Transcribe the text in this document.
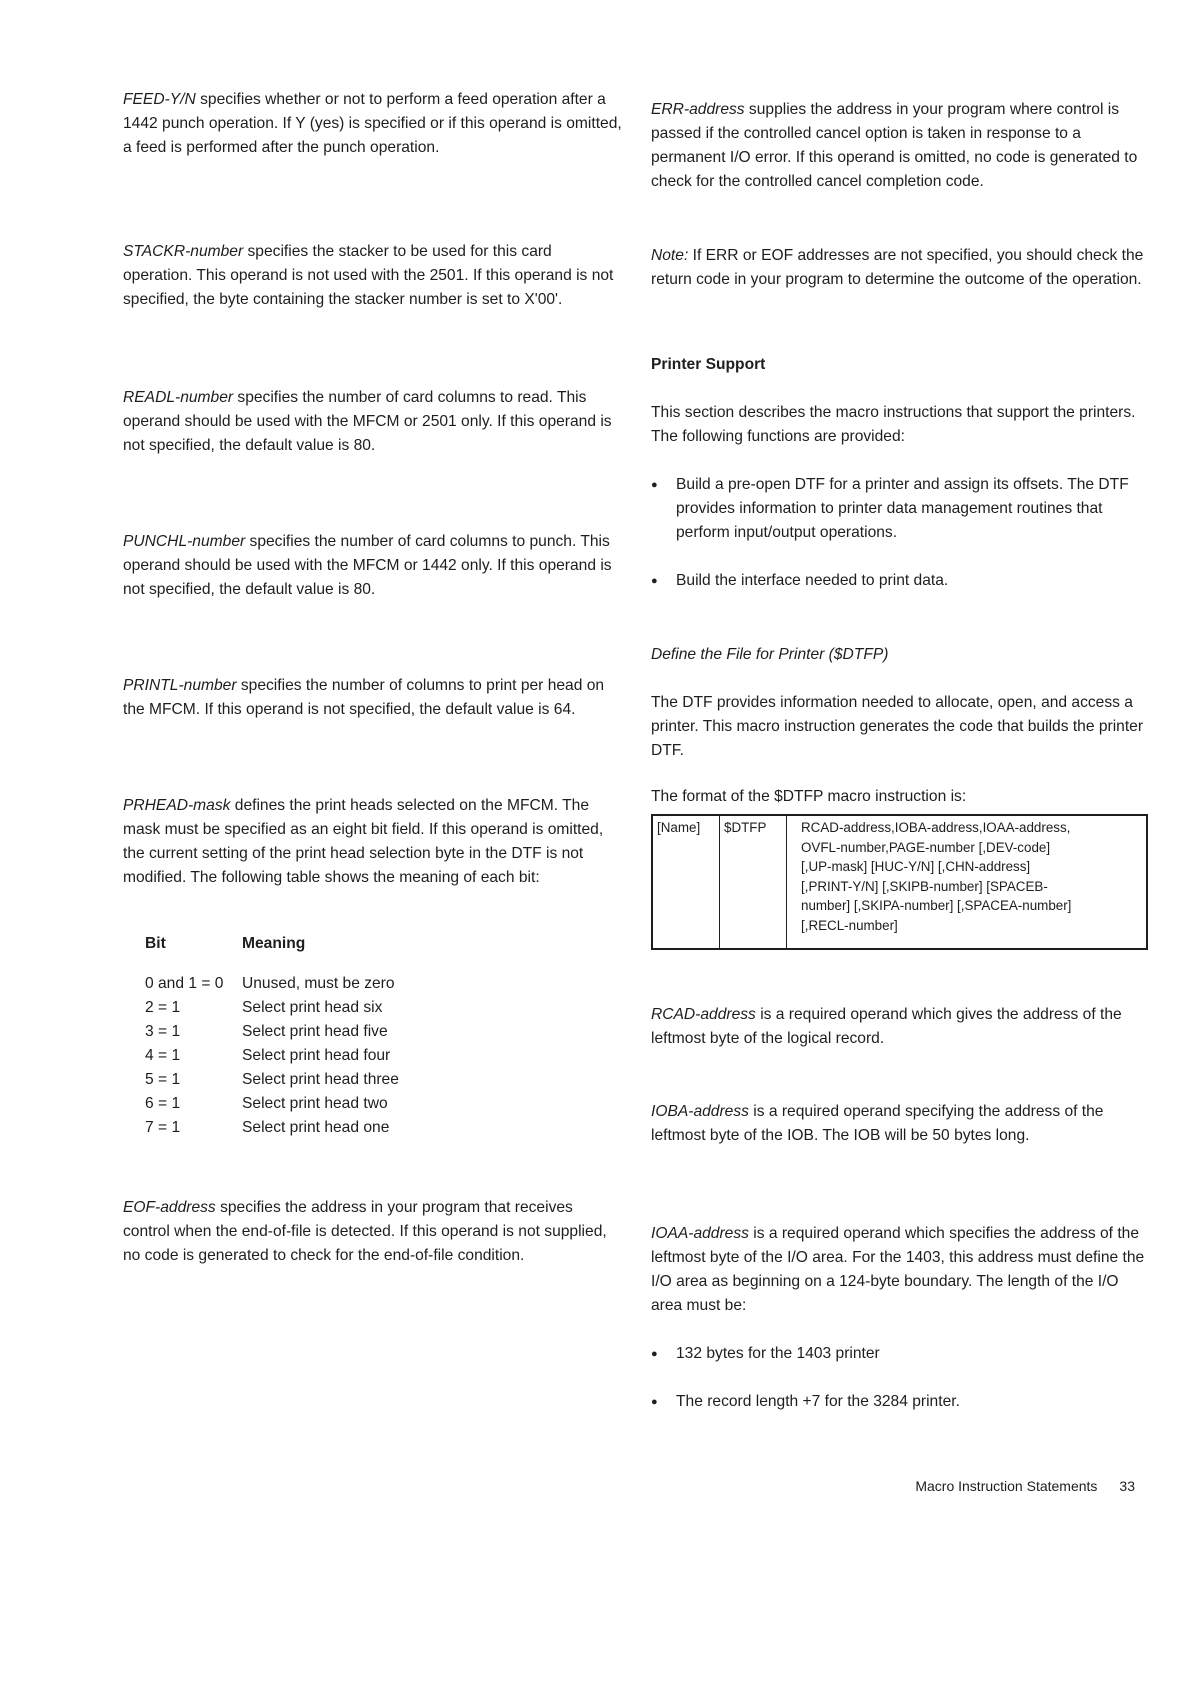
FEED-Y/N specifies whether or not to perform a feed operation after a 1442 punch operation. If Y (yes) is specified or if this operand is omitted, a feed is performed after the punch operation.

STACKR-number specifies the stacker to be used for this card operation. This operand is not used with the 2501. If this operand is not specified, the byte containing the stacker number is set to X'00'.

READL-number specifies the number of card columns to read. This operand should be used with the MFCM or 2501 only. If this operand is not specified, the default value is 80.

PUNCHL-number specifies the number of card columns to punch. This operand should be used with the MFCM or 1442 only. If this operand is not specified, the default value is 80.

PRINTL-number specifies the number of columns to print per head on the MFCM. If this operand is not specified, the default value is 64.

PRHEAD-mask defines the print heads selected on the MFCM. The mask must be specified as an eight bit field. If this operand is omitted, the current setting of the print head selection byte in the DTF is not modified. The following table shows the meaning of each bit:

Bit	Meaning

0 and 1 = 0	Unused, must be zero
2 = 1	Select print head six
3 = 1	Select print head five
4 = 1	Select print head four
5 = 1	Select print head three
6 = 1	Select print head two
7 = 1	Select print head one

EOF-address specifies the address in your program that receives control when the end-of-file is detected. If this operand is not supplied, no code is generated to check for the end-of-file condition.

ERR-address supplies the address in your program where control is passed if the controlled cancel option is taken in response to a permanent I/O error. If this operand is omitted, no code is generated to check for the controlled cancel completion code.

Note: If ERR or EOF addresses are not specified, you should check the return code in your program to determine the outcome of the operation.

Printer Support

This section describes the macro instructions that support the printers. The following functions are provided:

● Build a pre-open DTF for a printer and assign its offsets. The DTF provides information to printer data management routines that perform input/output operations.
● Build the interface needed to print data.
Define the File for Printer ($DTFP)

The DTF provides information needed to allocate, open, and access a printer. This macro instruction generates the code that builds the printer DTF.

The format of the $DTFP macro instruction is:

[Name]	$DTFP	RCAD-address,IOBA-address,IOAA-address,
OVFL-number,PAGE-number [,DEV-code]
[,UP-mask] [HUC-Y/N] [,CHN-address]
[,PRINT-Y/N] [,SKIPB-number] [SPACEB-
number] [,SKIPA-number] [,SPACEA-number]
[,RECL-number]

RCAD-address is a required operand which gives the address of the leftmost byte of the logical record.

IOBA-address is a required operand specifying the address of the leftmost byte of the IOB. The IOB will be 50 bytes long.

IOAA-address is a required operand which specifies the address of the leftmost byte of the I/O area. For the 1403, this address must define the I/O area as beginning on a 124-byte boundary. The length of the I/O area must be:

● 132 bytes for the 1403 printer
● The record length +7 for the 3284 printer.
Macro Instruction Statements 33
